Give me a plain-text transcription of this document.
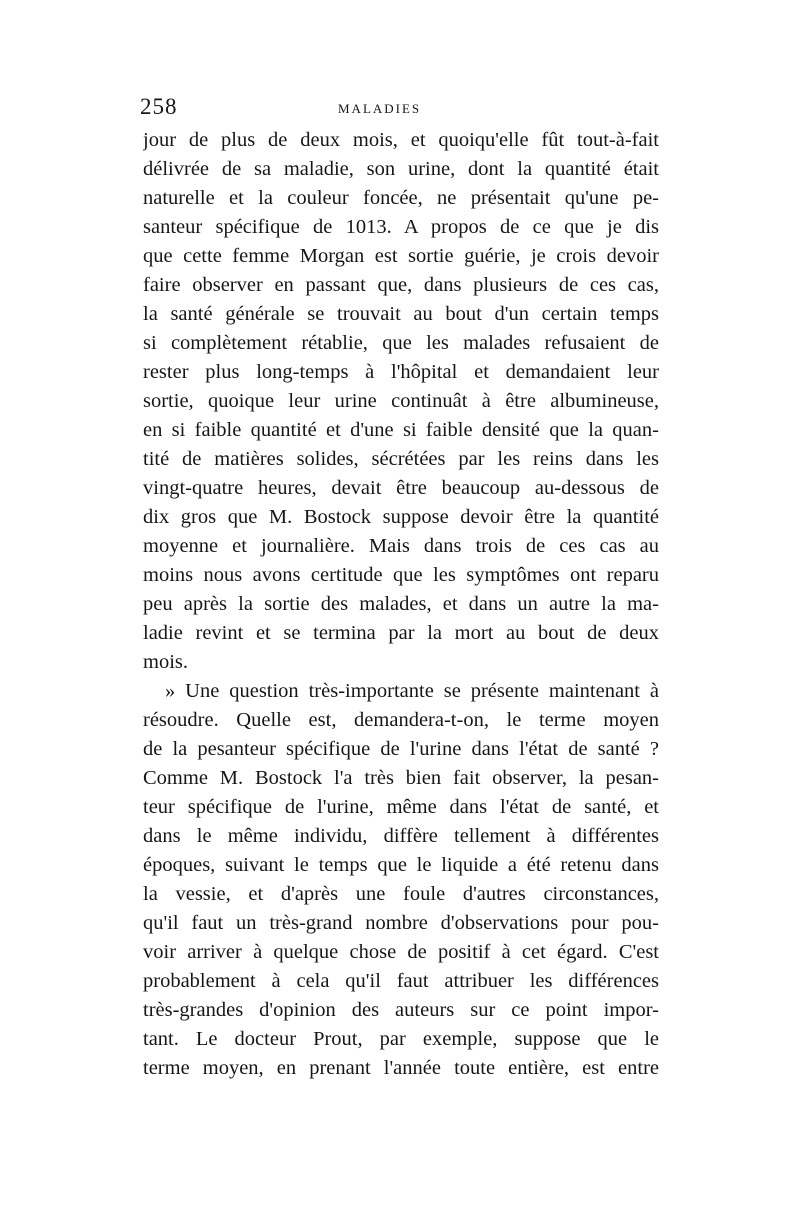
258	MALADIES
jour de plus de deux mois, et quoiqu'elle fût tout-à-fait
délivrée de sa maladie, son urine, dont la quantité était
naturelle et la couleur foncée, ne présentait qu'une pe-
santeur spécifique de 1013. A propos de ce que je dis
que cette femme Morgan est sortie guérie, je crois devoir
faire observer en passant que, dans plusieurs de ces cas,
la santé générale se trouvait au bout d'un certain temps
si complètement rétablie, que les malades refusaient de
rester plus long-temps à l'hôpital et demandaient leur
sortie, quoique leur urine continuât à être albumineuse,
en si faible quantité et d'une si faible densité que la quan-
tité de matières solides, sécrétées par les reins dans les
vingt-quatre heures, devait être beaucoup au-dessous de
dix gros que M. Bostock suppose devoir être la quantité
moyenne et journalière. Mais dans trois de ces cas au
moins nous avons certitude que les symptômes ont reparu
peu après la sortie des malades, et dans un autre la ma-
ladie revint et se termina par la mort au bout de deux
mois.
» Une question très-importante se présente maintenant à
résoudre. Quelle est, demandera-t-on, le terme moyen
de la pesanteur spécifique de l'urine dans l'état de santé ?
Comme M. Bostock l'a très bien fait observer, la pesan-
teur spécifique de l'urine, même dans l'état de santé, et
dans le même individu, diffère tellement à différentes
époques, suivant le temps que le liquide a été retenu dans
la vessie, et d'après une foule d'autres circonstances,
qu'il faut un très-grand nombre d'observations pour pou-
voir arriver à quelque chose de positif à cet égard. C'est
probablement à cela qu'il faut attribuer les différences
très-grandes d'opinion des auteurs sur ce point impor-
tant. Le docteur Prout, par exemple, suppose que le
terme moyen, en prenant l'année toute entière, est entre
